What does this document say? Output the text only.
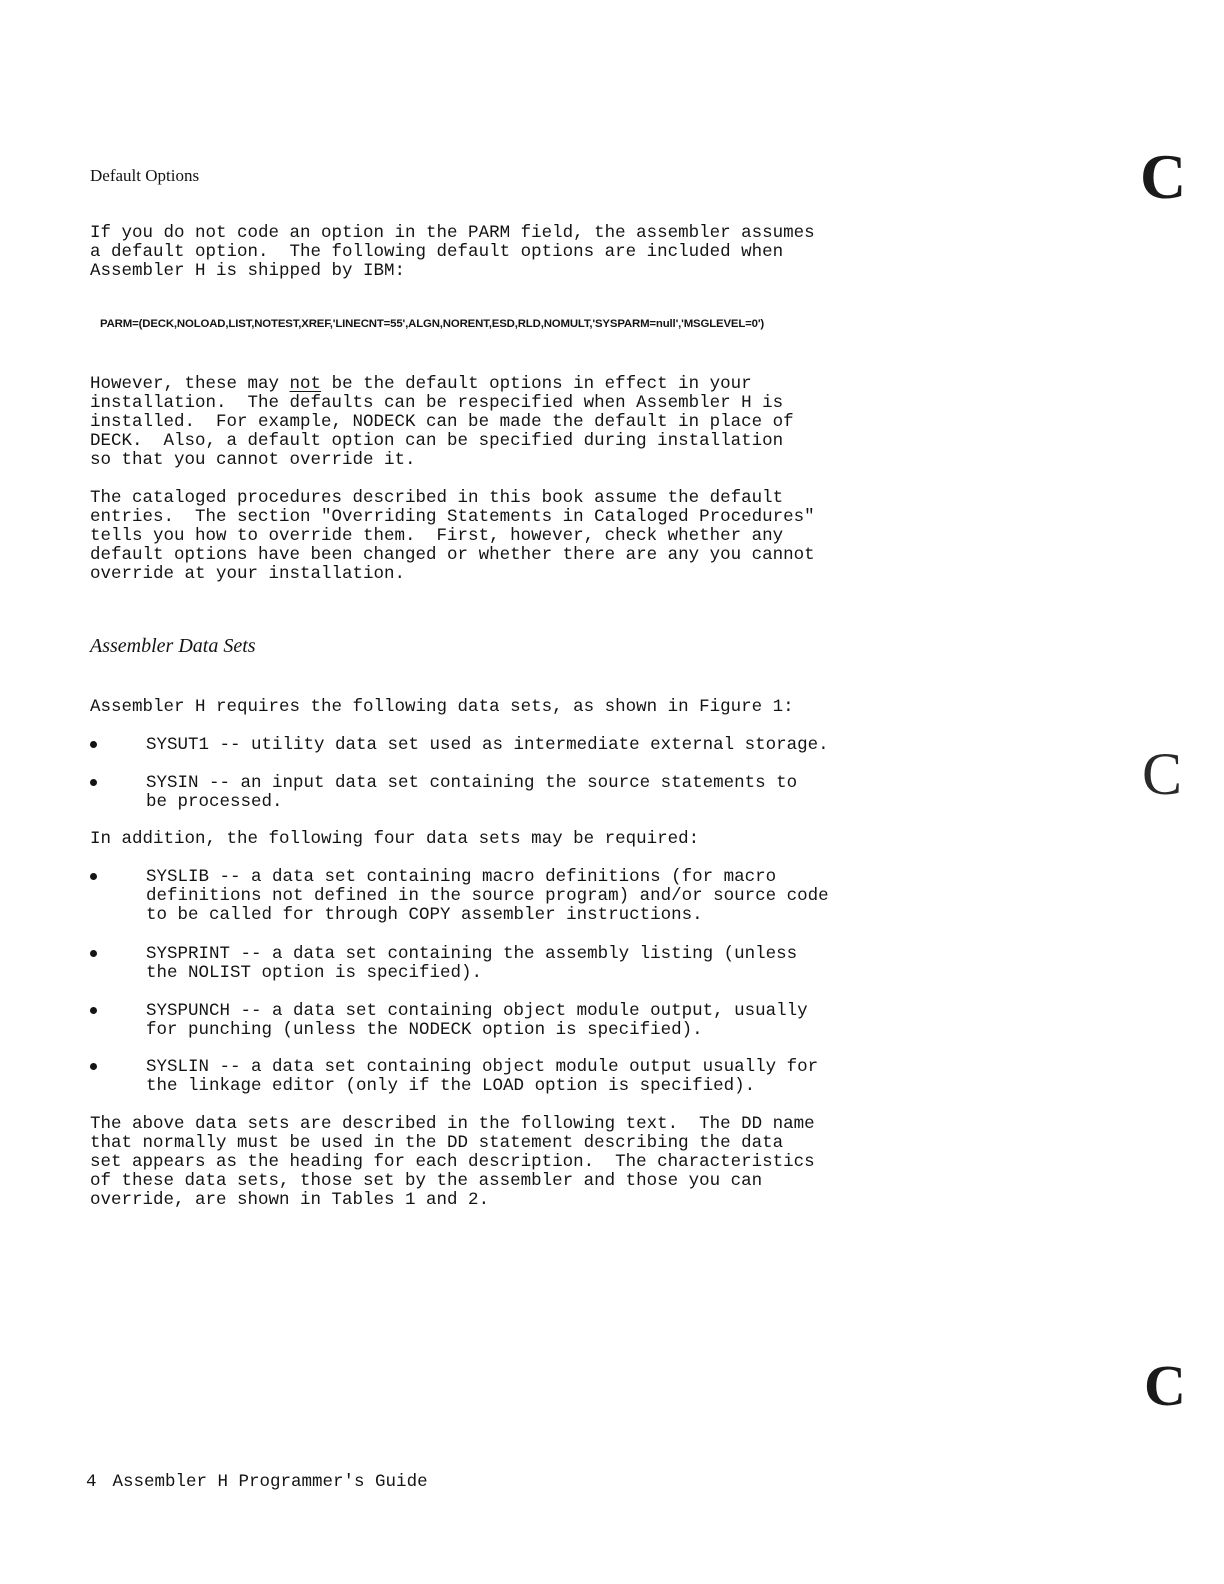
Default Options

If you do not code an option in the PARM field, the assembler assumes

a default option.  The following default options are included when

Assembler H is shipped by IBM:

PARM=(DECK,NOLOAD,LIST,NOTEST,XREF,'LINECNT=55',ALGN,NORENT,ESD,RLD,NOMULT,'SYSPARM=null','MSGLEVEL=0')

However, these may not be the default options in effect in your

installation.  The defaults can be respecified when Assembler H is

installed.  For example, NODECK can be made the default in place of

DECK.  Also, a default option can be specified during installation

so that you cannot override it.

The cataloged procedures described in this book assume the default

entries.  The section "Overriding Statements in Cataloged Procedures"

tells you how to override them.  First, however, check whether any

default options have been changed or whether there are any you cannot

override at your installation.

Assembler Data Sets

Assembler H requires the following data sets, as shown in Figure 1:

SYSUT1 -- utility data set used as intermediate external storage.

SYSIN -- an input data set containing the source statements to

be processed.

In addition, the following four data sets may be required:

SYSLIB -- a data set containing macro definitions (for macro

definitions not defined in the source program) and/or source code

to be called for through COPY assembler instructions.

SYSPRINT -- a data set containing the assembly listing (unless

the NOLIST option is specified).

SYSPUNCH -- a data set containing object module output, usually

for punching (unless the NODECK option is specified).

SYSLIN -- a data set containing object module output usually for

the linkage editor (only if the LOAD option is specified).

The above data sets are described in the following text.  The DD name

that normally must be used in the DD statement describing the data

set appears as the heading for each description.  The characteristics

of these data sets, those set by the assembler and those you can

override, are shown in Tables 1 and 2.

C
C
C
4 Assembler H Programmer's Guide
